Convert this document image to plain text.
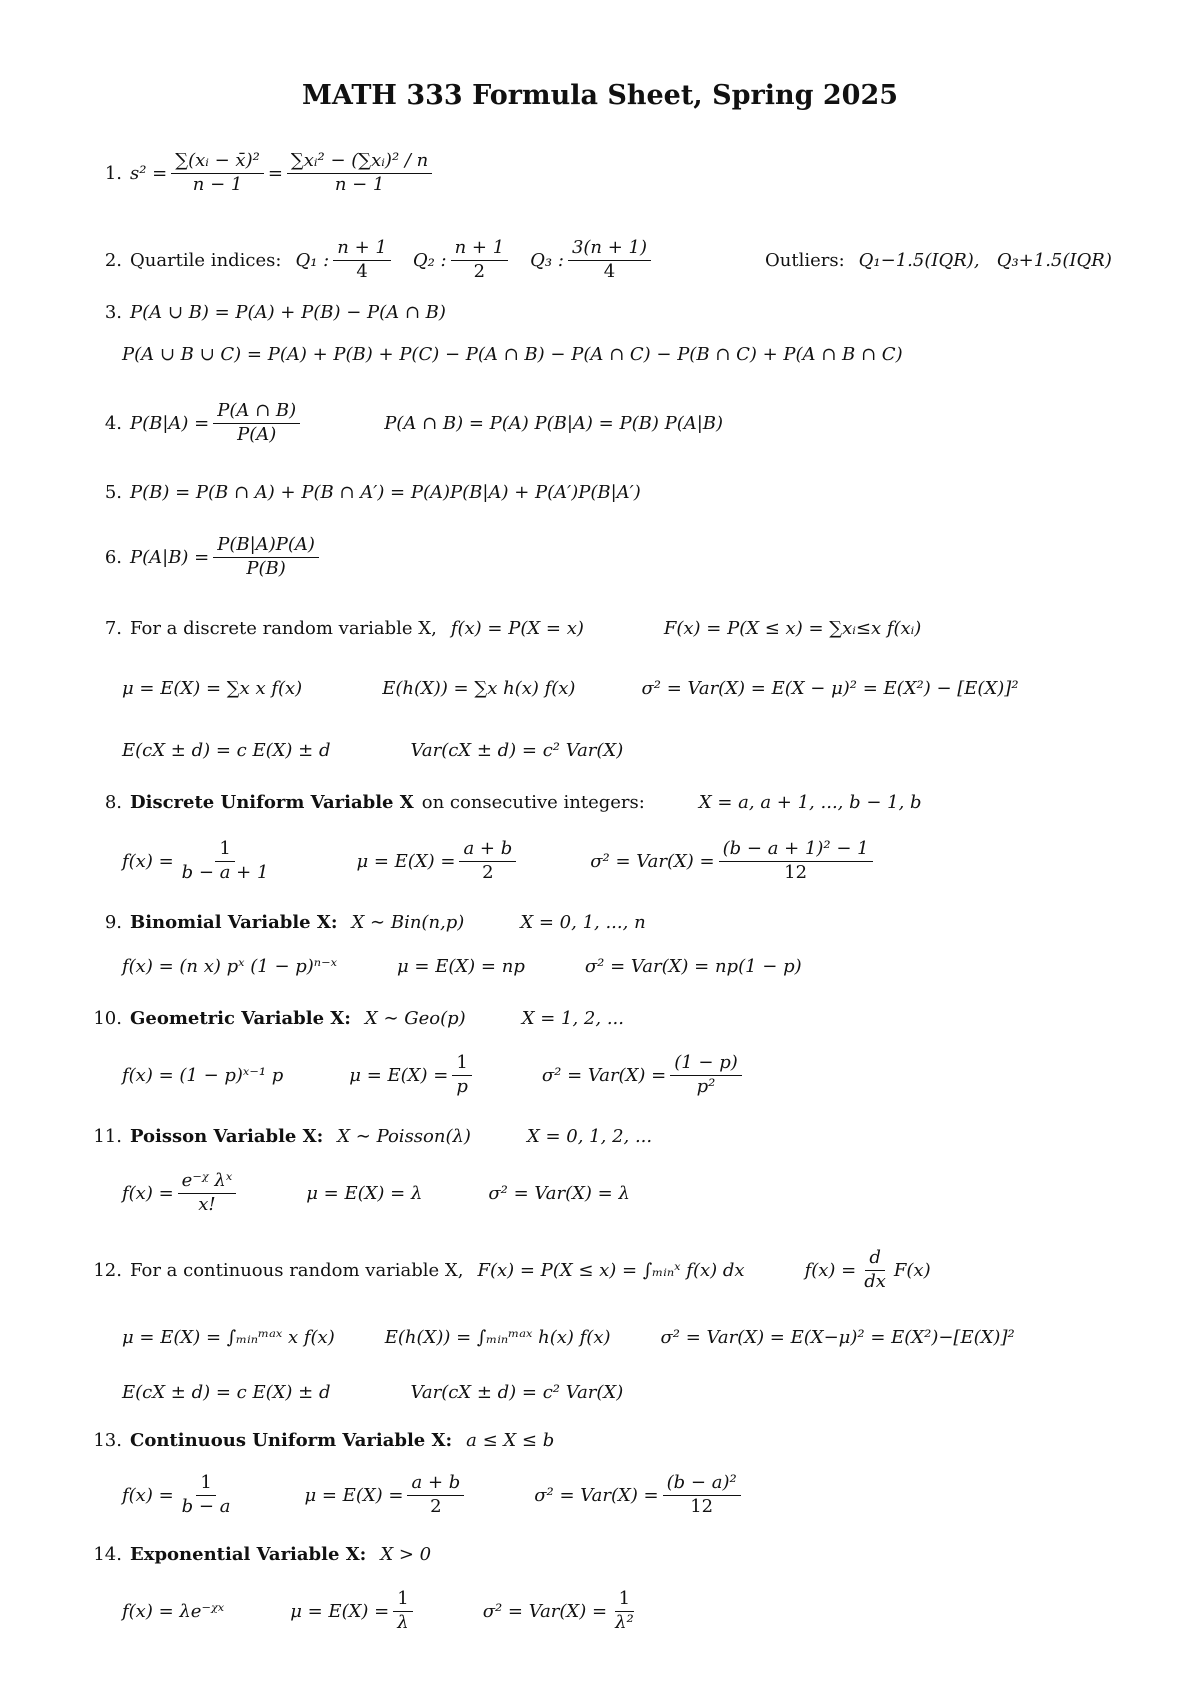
MATH 333 Formula Sheet, Spring 2025
1. $s^2 = \frac{\text{∑(xᵢ − x̄)²}}{n - 1} = \frac{\text{∑xᵢ² − (∑xᵢ)² / n}}{n - 1}$
2. Quartile indices: Q₁ : $\frac{n + 1}{4} Q_2$ : $\frac{n + 1}{2} Q_3$ : $\frac{3(n + 1)}{4}$	Outliers: Q₁−1.5(IQR),   Q₃+1.5(IQR)
3. P(A ∪ B) = P(A) + P(B) − P(A ∩ B)
P(A ∪ B ∪ C) = P(A) + P(B) + P(C) − P(A ∩ B) − P(A ∩ C) − P(B ∩ C) + P(A ∩ B ∩ C)
4. $P(B|A) = \frac{P(A \cap B)}{P(A)}$	P(A ∩ B) = P(A) P(B|A) = P(B) P(A|B)
5. P(B) = P(B ∩ A) + P(B ∩ A′) = P(A)P(B|A) + P(A′)P(B|A′)
6. $P(A|B) = \frac{P(B|A)P(A)}{P(B)}$
7. For a discrete random variable X, f(x) = P(X = x)	F(x) = P(X ≤ x) = ∑xᵢ≤x f(xᵢ)
μ = E(X) = ∑x x f(x)	E(h(X)) = ∑x h(x) f(x)	σ² = Var(X) = E(X − μ)² = E(X²) − [E(X)]²
E(cX ± d) = c E(X) ± d	Var(cX ± d) = c² Var(X)
8. Discrete Uniform Variable X on consecutive integers:	X = a, a + 1, ..., b − 1, b
$f(x) = \frac{1}{b - a + 1}$	$\mu = E(X) = \frac{a + b}{2}$	$\sigma^2 = Var(X) = \frac{\text{(b − a + 1)² − 1}}{12}$
9. Binomial Variable X: X ∼ Bin(n,p)	X = 0, 1, ..., n
f(x) = (n x) pˣ (1 − p)ⁿ⁻ˣ	μ = E(X) = np	σ² = Var(X) = np(1 − p)
10. Geometric Variable X: X ∼ Geo(p)	X = 1, 2, ...
f(x) = (1 − p)ˣ⁻¹ p	$\mu = E(X) = \frac{1}{p}$	$\sigma^2 = Var(X) = \frac{(1 - p)}{\text{p²}}$
11. Poisson Variable X: X ∼ Poisson(λ)	X = 0, 1, 2, ...
$f(x) = \frac{\text{e⁻ᵡ λˣ}}{x!}$	μ = E(X) = λ	σ² = Var(X) = λ
12. For a continuous random variable X, F(x) = P(X ≤ x) = ∫ₘᵢₙˣ f(x) dx	$f(x) = \frac{d}{dx} F(x)$
μ = E(X) = ∫ₘᵢₙᵐᵃˣ x f(x)	E(h(X)) = ∫ₘᵢₙᵐᵃˣ h(x) f(x)	σ² = Var(X) = E(X−μ)² = E(X²)−[E(X)]²
E(cX ± d) = c E(X) ± d	Var(cX ± d) = c² Var(X)
13. Continuous Uniform Variable X: a ≤ X ≤ b
$f(x) = \frac{1}{b - a}$	$\mu = E(X) = \frac{a + b}{2}$	$\sigma^2 = Var(X) = \frac{\text{(b − a)²}}{12}$
14. Exponential Variable X: X > 0
f(x) = λe⁻ᵡˣ	$\mu = E(X) = \frac{1}{\lambda}$	$\sigma^2 = Var(X) = \frac{1}{\text{λ²}}$
